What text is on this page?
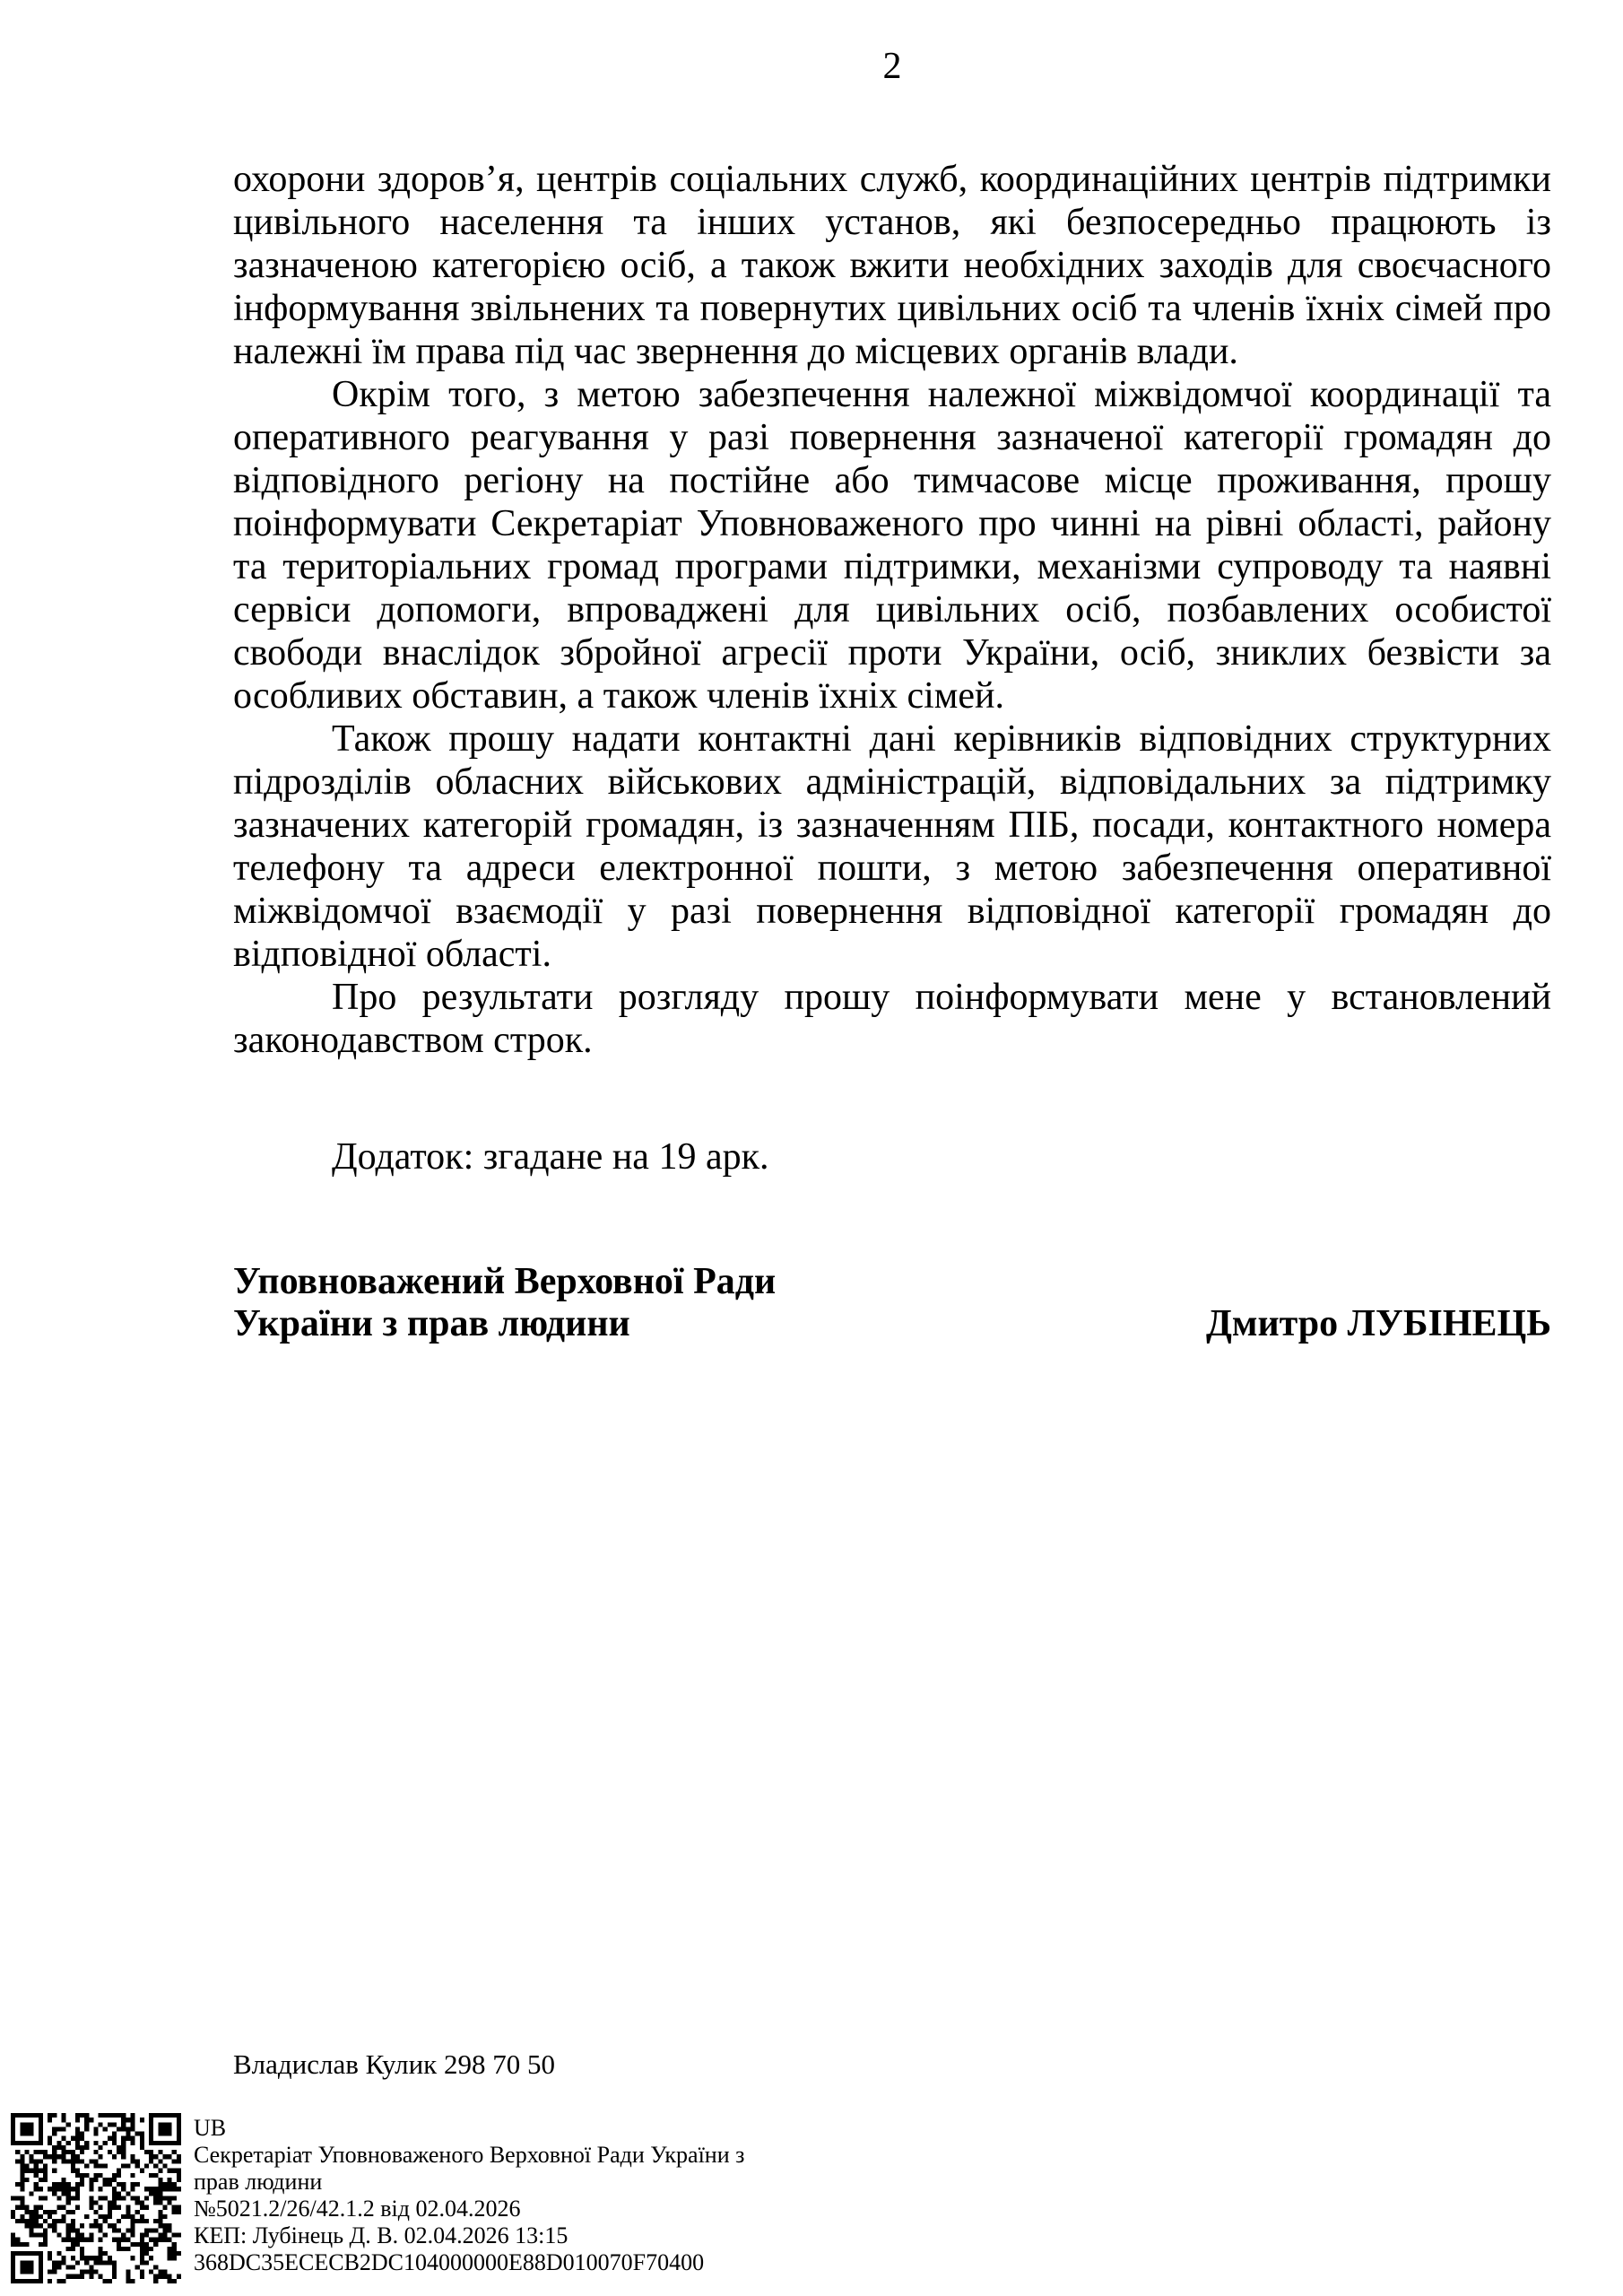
2

охорони здоров’я, центрів соціальних служб, координаційних центрів підтримки цивільного населення та інших установ, які безпосередньо працюють із зазначеною категорією осіб, а також вжити необхідних заходів для своєчасного інформування звільнених та повернутих цивільних осіб та членів їхніх сімей про належні їм права під час звернення до місцевих органів влади.

Окрім того, з метою забезпечення належної міжвідомчої координації та оперативного реагування у разі повернення зазначеної категорії громадян до відповідного регіону на постійне або тимчасове місце проживання, прошу поінформувати Секретаріат Уповноваженого про чинні на рівні області, району та територіальних громад програми підтримки, механізми супроводу та наявні сервіси допомоги, впроваджені для цивільних осіб, позбавлених особистої свободи внаслідок збройної агресії проти України, осіб, зниклих безвісти за особливих обставин, а також членів їхніх сімей.

Також прошу надати контактні дані керівників відповідних структурних підрозділів обласних військових адміністрацій, відповідальних за підтримку зазначених категорій громадян, із зазначенням ПІБ, посади, контактного номера телефону та адреси електронної пошти, з метою забезпечення оперативної міжвідомчої взаємодії у разі повернення відповідної категорії громадян до відповідної області.

Про результати розгляду прошу поінформувати мене у встановлений законодавством строк.

Додаток: згадане на 19 арк.

Уповноважений Верховної Ради
України з прав людини	Дмитро ЛУБІНЕЦЬ
Владислав Кулик 298 70 50
UB
Секретаріат Уповноваженого Верховної Ради України з
прав людини
№5021.2/26/42.1.2 від 02.04.2026
КЕП: Лубінець Д. В. 02.04.2026 13:15
368DC35ECECB2DC104000000E88D010070F70400
